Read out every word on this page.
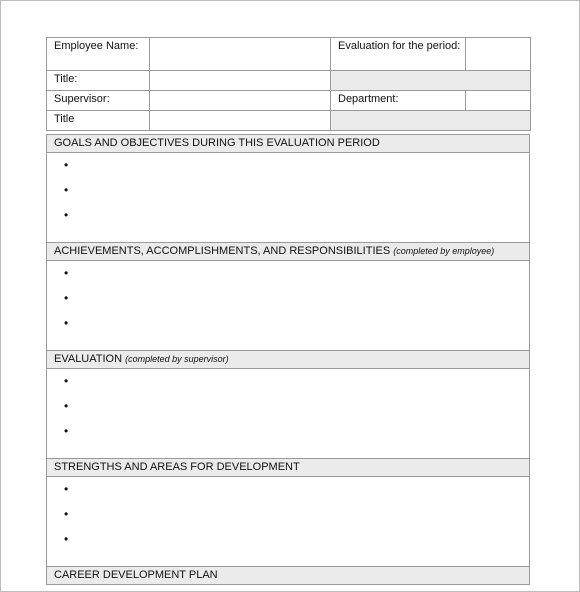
Employee Name:		Evaluation for the period:	
Title:			
Supervisor:		Department:	
Title			
GOALS AND OBJECTIVES DURING THIS EVALUATION PERIOD
•
•
•
ACHIEVEMENTS, ACCOMPLISHMENTS, AND RESPONSIBILITIES (completed by employee)
•
•
•
EVALUATION (completed by supervisor)
•
•
•
STRENGTHS AND AREAS FOR DEVELOPMENT
•
•
•
CAREER DEVELOPMENT PLAN
